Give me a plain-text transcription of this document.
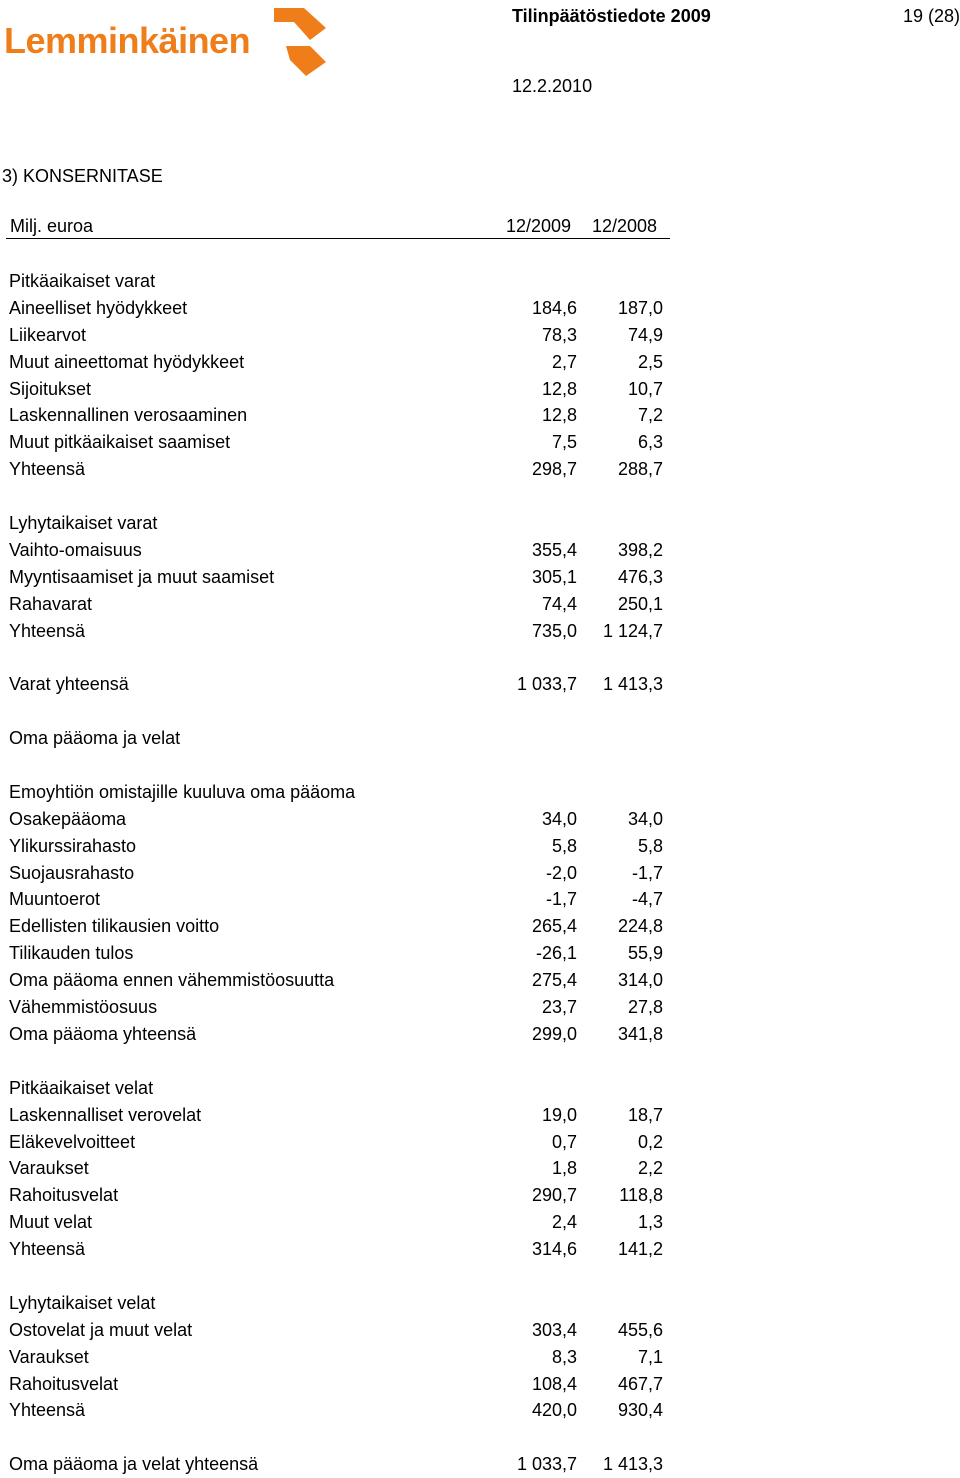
Lemminkäinen
Tilinpäätöstiedote 2009	19 (28)
12.2.2010
3) KONSERNITASE
Milj. euroa	12/2009 12/2008
Pitkäaikaiset varat
Aineelliset hyödykkeet	184,6 187,0
Liikearvot	78,3	74,9
Muut aineettomat hyödykkeet	2,7	2,5
Sijoitukset	12,8	10,7
Laskennallinen verosaaminen	12,8	7,2
Muut pitkäaikaiset saamiset	7,5	6,3
Yhteensä	298,7 288,7
Lyhytaikaiset varat
Vaihto-omaisuus	355,4 398,2
Myyntisaamiset ja muut saamiset	305,1 476,3
Rahavarat	74,4 250,1
Yhteensä	735,0 1 124,7
Varat yhteensä	1 033,7 1 413,3
Oma pääoma ja velat
Emoyhtiön omistajille kuuluva oma pääoma
Osakepääoma	34,0	34,0
Ylikurssirahasto	5,8	5,8
Suojausrahasto	-2,0	-1,7
Muuntoerot	-1,7	-4,7
Edellisten tilikausien voitto	265,4 224,8
Tilikauden tulos	-26,1	55,9
Oma pääoma ennen vähemmistöosuutta	275,4 314,0
Vähemmistöosuus	23,7	27,8
Oma pääoma yhteensä	299,0 341,8
Pitkäaikaiset velat
Laskennalliset verovelat	19,0	18,7
Eläkevelvoitteet	0,7	0,2
Varaukset	1,8	2,2
Rahoitusvelat	290,7 118,8
Muut velat	2,4	1,3
Yhteensä	314,6 141,2
Lyhytaikaiset velat
Ostovelat ja muut velat	303,4 455,6
Varaukset	8,3	7,1
Rahoitusvelat	108,4 467,7
Yhteensä	420,0 930,4
Oma pääoma ja velat yhteensä	1 033,7 1 413,3
